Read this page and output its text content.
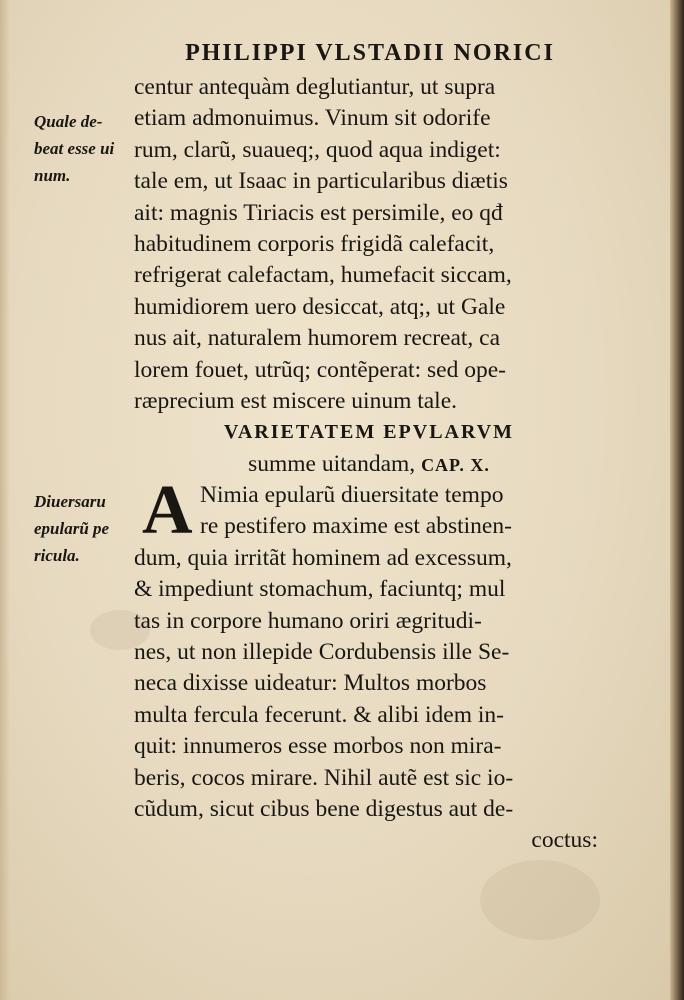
PHILIPPI VLSTADII NORICI
Quale de-
beat esse ui
num.
Diuersaru
epularũ pe
ricula.
A
centur antequàm deglutiantur, ut supra
etiam admonuimus. Vinum sit odorife
rum, clarũ, suaueq;, quod aqua indiget:
tale em, ut Isaac in particularibus diætis
ait: magnis Tiriacis est persimile, eo qđ
habitudinem corporis frigidã calefacit,
refrigerat calefactam, humefacit siccam,
humidiorem uero desiccat, atq;, ut Gale
nus ait, naturalem humorem recreat, ca
lorem fouet, utrũq; contẽperat: sed ope-
ræprecium est miscere uinum tale.
VARIETATEM EPVLARVM
summe uitandam, CAP. X.
Nimia epularũ diuersitate tempo
re pestifero maxime est abstinen-
dum, quia irritãt hominem ad excessum,
& impediunt stomachum, faciuntq; mul
tas in corpore humano oriri ægritudi-
nes, ut non illepide Cordubensis ille Se-
neca dixisse uideatur: Multos morbos
multa fercula fecerunt. & alibi idem in-
quit: innumeros esse morbos non mira-
beris, cocos mirare. Nihil autẽ est sic io-
cũdum, sicut cibus bene digestus aut de-
coctus:
